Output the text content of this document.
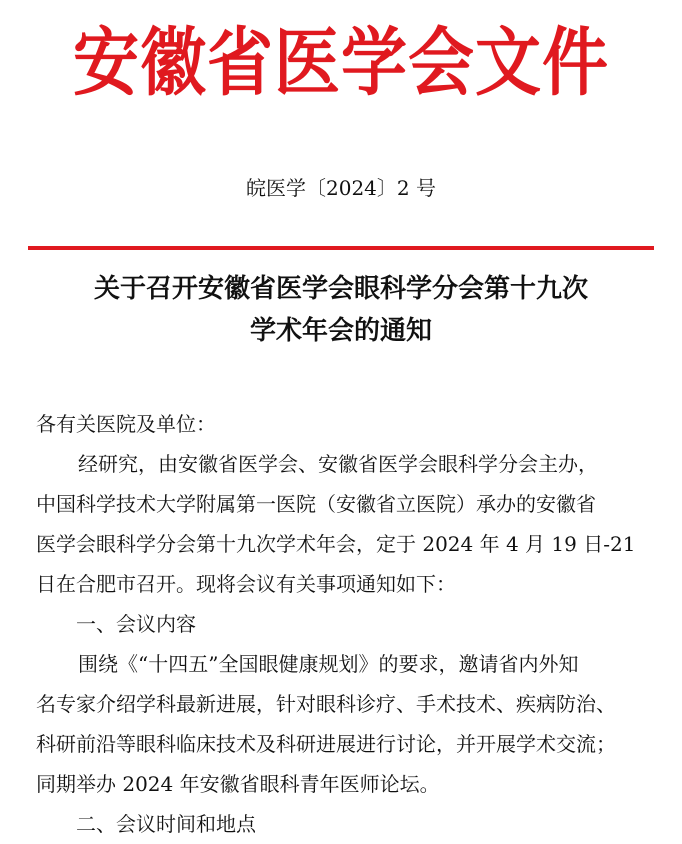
安徽省医学会文件
皖医学〔2024〕2 号
关于召开安徽省医学会眼科学分会第十九次
学术年会的通知
各有关医院及单位：
经研究，由安徽省医学会、安徽省医学会眼科学分会主办，
中国科学技术大学附属第一医院（安徽省立医院）承办的安徽省
医学会眼科学分会第十九次学术年会，定于 2024 年 4 月 19 日-21
日在合肥市召开。现将会议有关事项通知如下：
一、会议内容
围绕《“十四五”全国眼健康规划》的要求，邀请省内外知
名专家介绍学科最新进展，针对眼科诊疗、手术技术、疾病防治、
科研前沿等眼科临床技术及科研进展进行讨论，并开展学术交流；
同期举办 2024 年安徽省眼科青年医师论坛。
二、会议时间和地点
